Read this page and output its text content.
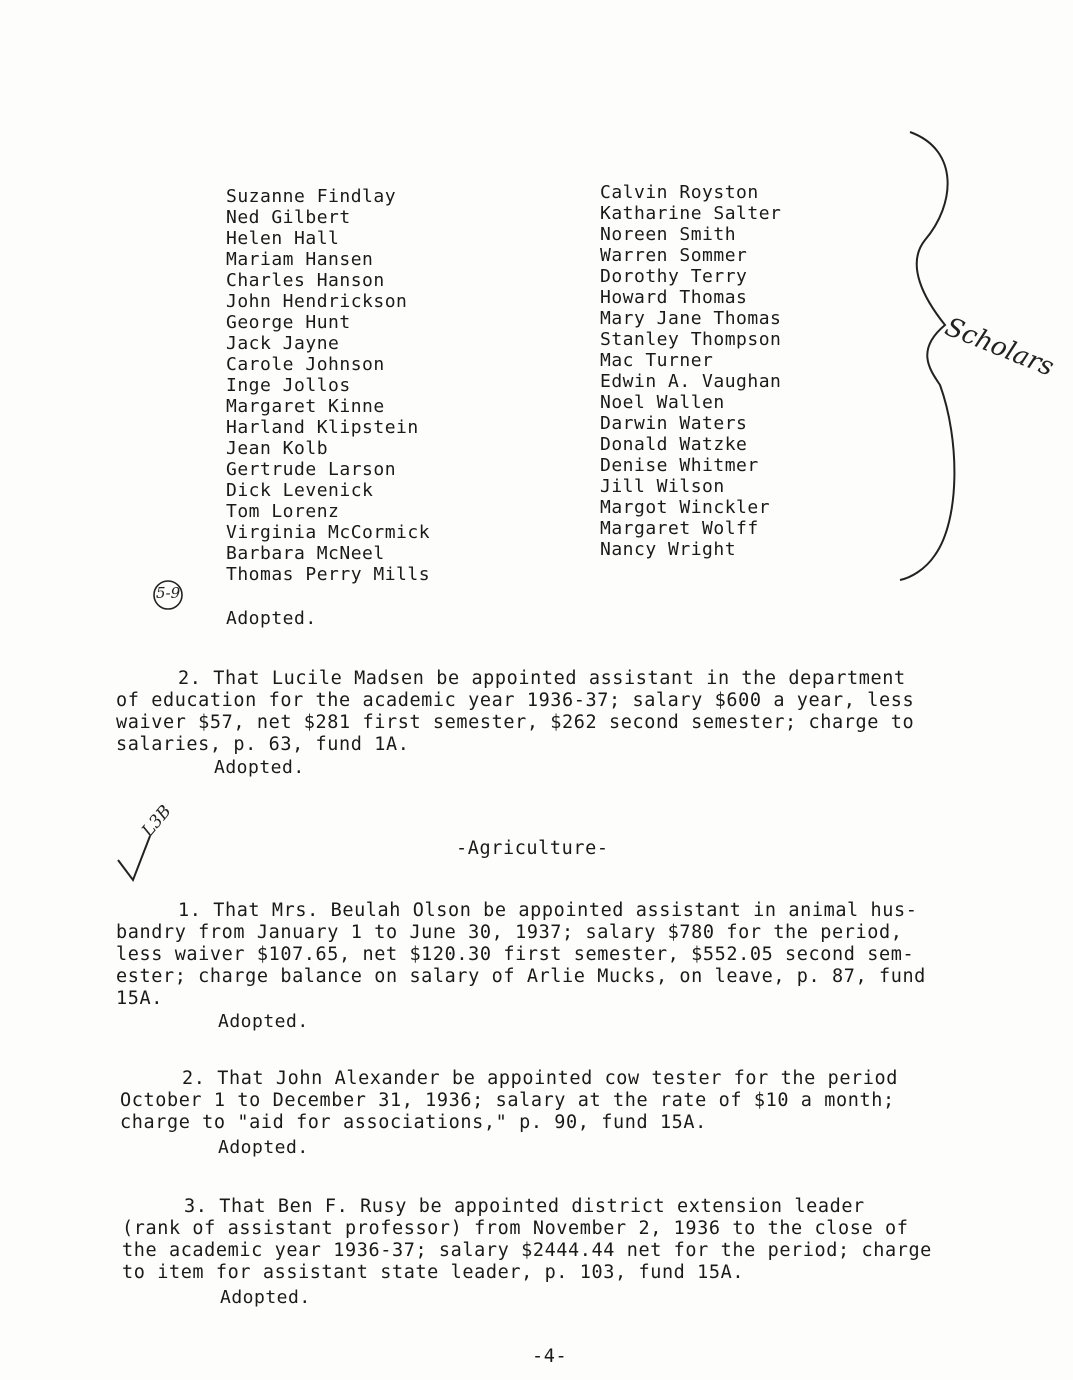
Suzanne Findlay
Ned Gilbert
Helen Hall
Mariam Hansen
Charles Hanson
John Hendrickson
George Hunt
Jack Jayne
Carole Johnson
Inge Jollos
Margaret Kinne
Harland Klipstein
Jean Kolb
Gertrude Larson
Dick Levenick
Tom Lorenz
Virginia McCormick
Barbara McNeel
Thomas Perry Mills
Calvin Royston
Katharine Salter
Noreen Smith
Warren Sommer
Dorothy Terry
Howard Thomas
Mary Jane Thomas
Stanley Thompson
Mac Turner
Edwin A. Vaughan
Noel Wallen
Darwin Waters
Donald Watzke
Denise Whitmer
Jill Wilson
Margot Winckler
Margaret Wolff
Nancy Wright
Scholars
5-9
L3B
Adopted.
2. That Lucile Madsen be appointed assistant in the department
of education for the academic year 1936-37; salary $600 a year, less
waiver $57, net $281 first semester, $262 second semester; charge to
salaries, p. 63, fund 1A.
Adopted.
-Agriculture-
1. That Mrs. Beulah Olson be appointed assistant in animal hus-
bandry from January 1 to June 30, 1937; salary $780 for the period,
less waiver $107.65, net $120.30 first semester, $552.05 second sem-
ester; charge balance on salary of Arlie Mucks, on leave, p. 87, fund
15A.
Adopted.
2. That John Alexander be appointed cow tester for the period
October 1 to December 31, 1936; salary at the rate of $10 a month;
charge to "aid for associations," p. 90, fund 15A.
Adopted.
3. That Ben F. Rusy be appointed district extension leader
(rank of assistant professor) from November 2, 1936 to the close of
the academic year 1936-37; salary $2444.44 net for the period; charge
to item for assistant state leader, p. 103, fund 15A.
Adopted.
-4-
